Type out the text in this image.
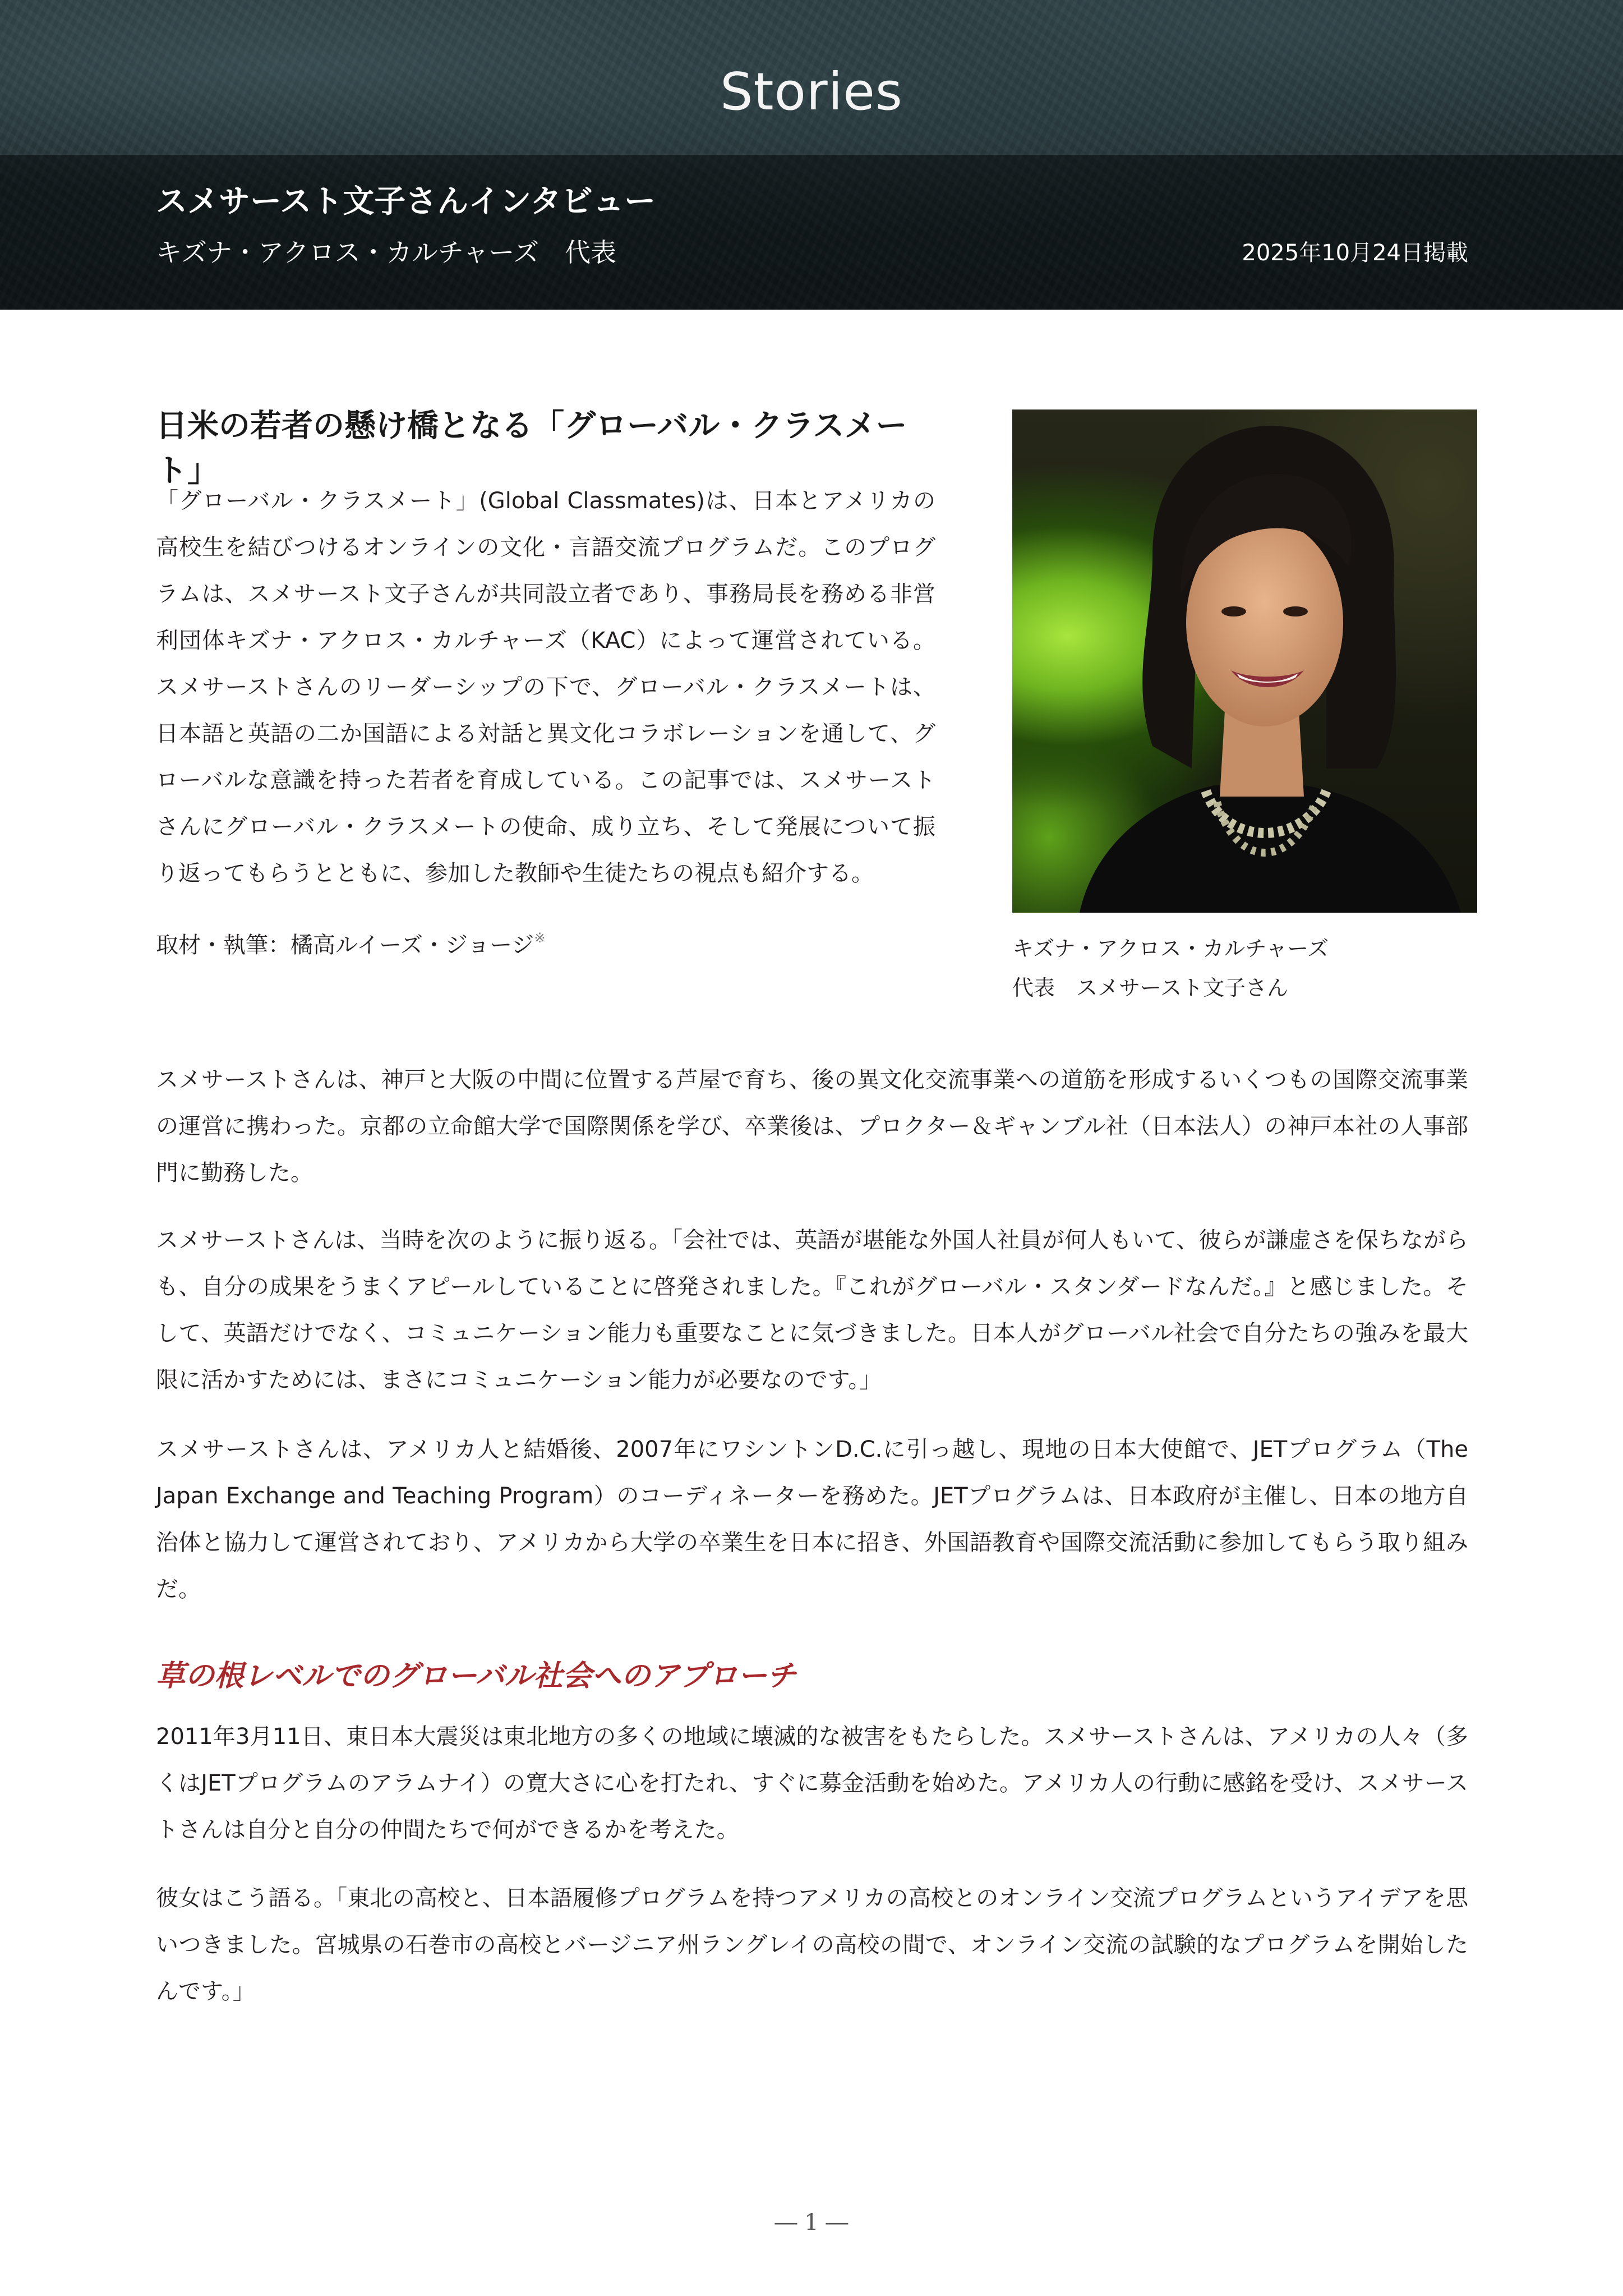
Stories
スメサースト文子さんインタビュー
キズナ・アクロス・カルチャーズ　代表	2025年10月24日掲載
日米の若者の懸け橋となる「グローバル・クラスメート」

「グローバル・クラスメート」(Global Classmates)は、日本とアメリカの高校生を結びつけるオンラインの文化・言語交流プログラムだ。このプログラムは、スメサースト文子さんが共同設立者であり、事務局長を務める非営利団体キズナ・アクロス・カルチャーズ（KAC）によって運営されている。スメサーストさんのリーダーシップの下で、グローバル・クラスメートは、日本語と英語の二か国語による対話と異文化コラボレーションを通して、グローバルな意識を持った若者を育成している。この記事では、スメサーストさんにグローバル・クラスメートの使命、成り立ち、そして発展について振り返ってもらうとともに、参加した教師や生徒たちの視点も紹介する。

取材・執筆：橘高ルイーズ・ジョージ※	キズナ・アクロス・カルチャーズ
代表　スメサースト文子さん

スメサーストさんは、神戸と大阪の中間に位置する芦屋で育ち、後の異文化交流事業への道筋を形成するいくつもの国際交流事業の運営に携わった。京都の立命館大学で国際関係を学び、卒業後は、プロクター＆ギャンブル社（日本法人）の神戸本社の人事部門に勤務した。

スメサーストさんは、当時を次のように振り返る。「会社では、英語が堪能な外国人社員が何人もいて、彼らが謙虚さを保ちながらも、自分の成果をうまくアピールしていることに啓発されました。『これがグローバル・スタンダードなんだ。』と感じました。そして、英語だけでなく、コミュニケーション能力も重要なことに気づきました。日本人がグローバル社会で自分たちの強みを最大限に活かすためには、まさにコミュニケーション能力が必要なのです。」

スメサーストさんは、アメリカ人と結婚後、2007年にワシントンD.C.に引っ越し、現地の日本大使館で、JETプログラム（The Japan Exchange and Teaching Program）のコーディネーターを務めた。JETプログラムは、日本政府が主催し、日本の地方自治体と協力して運営されており、アメリカから大学の卒業生を日本に招き、外国語教育や国際交流活動に参加してもらう取り組みだ。

草の根レベルでのグローバル社会へのアプローチ

2011年3月11日、東日本大震災は東北地方の多くの地域に壊滅的な被害をもたらした。スメサーストさんは、アメリカの人々（多くはJETプログラムのアラムナイ）の寛大さに心を打たれ、すぐに募金活動を始めた。アメリカ人の行動に感銘を受け、スメサーストさんは自分と自分の仲間たちで何ができるかを考えた。

彼女はこう語る。「東北の高校と、日本語履修プログラムを持つアメリカの高校とのオンライン交流プログラムというアイデアを思いつきました。宮城県の石巻市の高校とバージニア州ラングレイの高校の間で、オンライン交流の試験的なプログラムを開始したんです。」

― 1 ―
